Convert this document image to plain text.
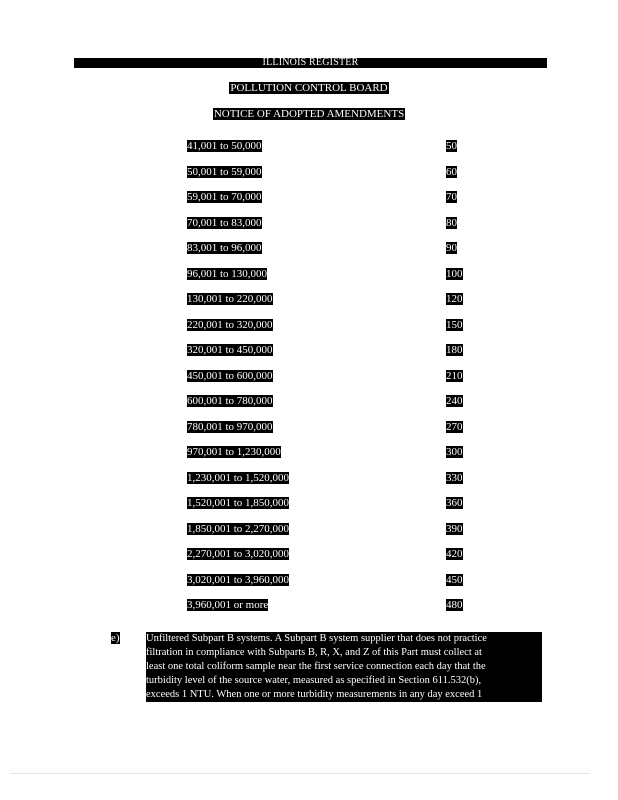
ILLINOIS REGISTER
POLLUTION CONTROL BOARD
NOTICE OF ADOPTED AMENDMENTS
41,001 to 50,000	50
50,001 to 59,000	60
59,001 to 70,000	70
70,001 to 83,000	80
83,001 to 96,000	90
96,001 to 130,000	100
130,001 to 220,000	120
220,001 to 320,000	150
320,001 to 450,000	180
450,001 to 600,000	210
600,001 to 780,000	240
780,001 to 970,000	270
970,001 to 1,230,000	300
1,230,001 to 1,520,000	330
1,520,001 to 1,850,000	360
1,850,001 to 2,270,000	390
2,270,001 to 3,020,000	420
3,020,001 to 3,960,000	450
3,960,001 or more	480
e)	Unfiltered Subpart B systems. A Subpart B system supplier that does not practice
filtration in compliance with Subparts B, R, X, and Z of this Part must collect at
least one total coliform sample near the first service connection each day that the
turbidity level of the source water, measured as specified in Section 611.532(b),
exceeds 1 NTU. When one or more turbidity measurements in any day exceed 1
